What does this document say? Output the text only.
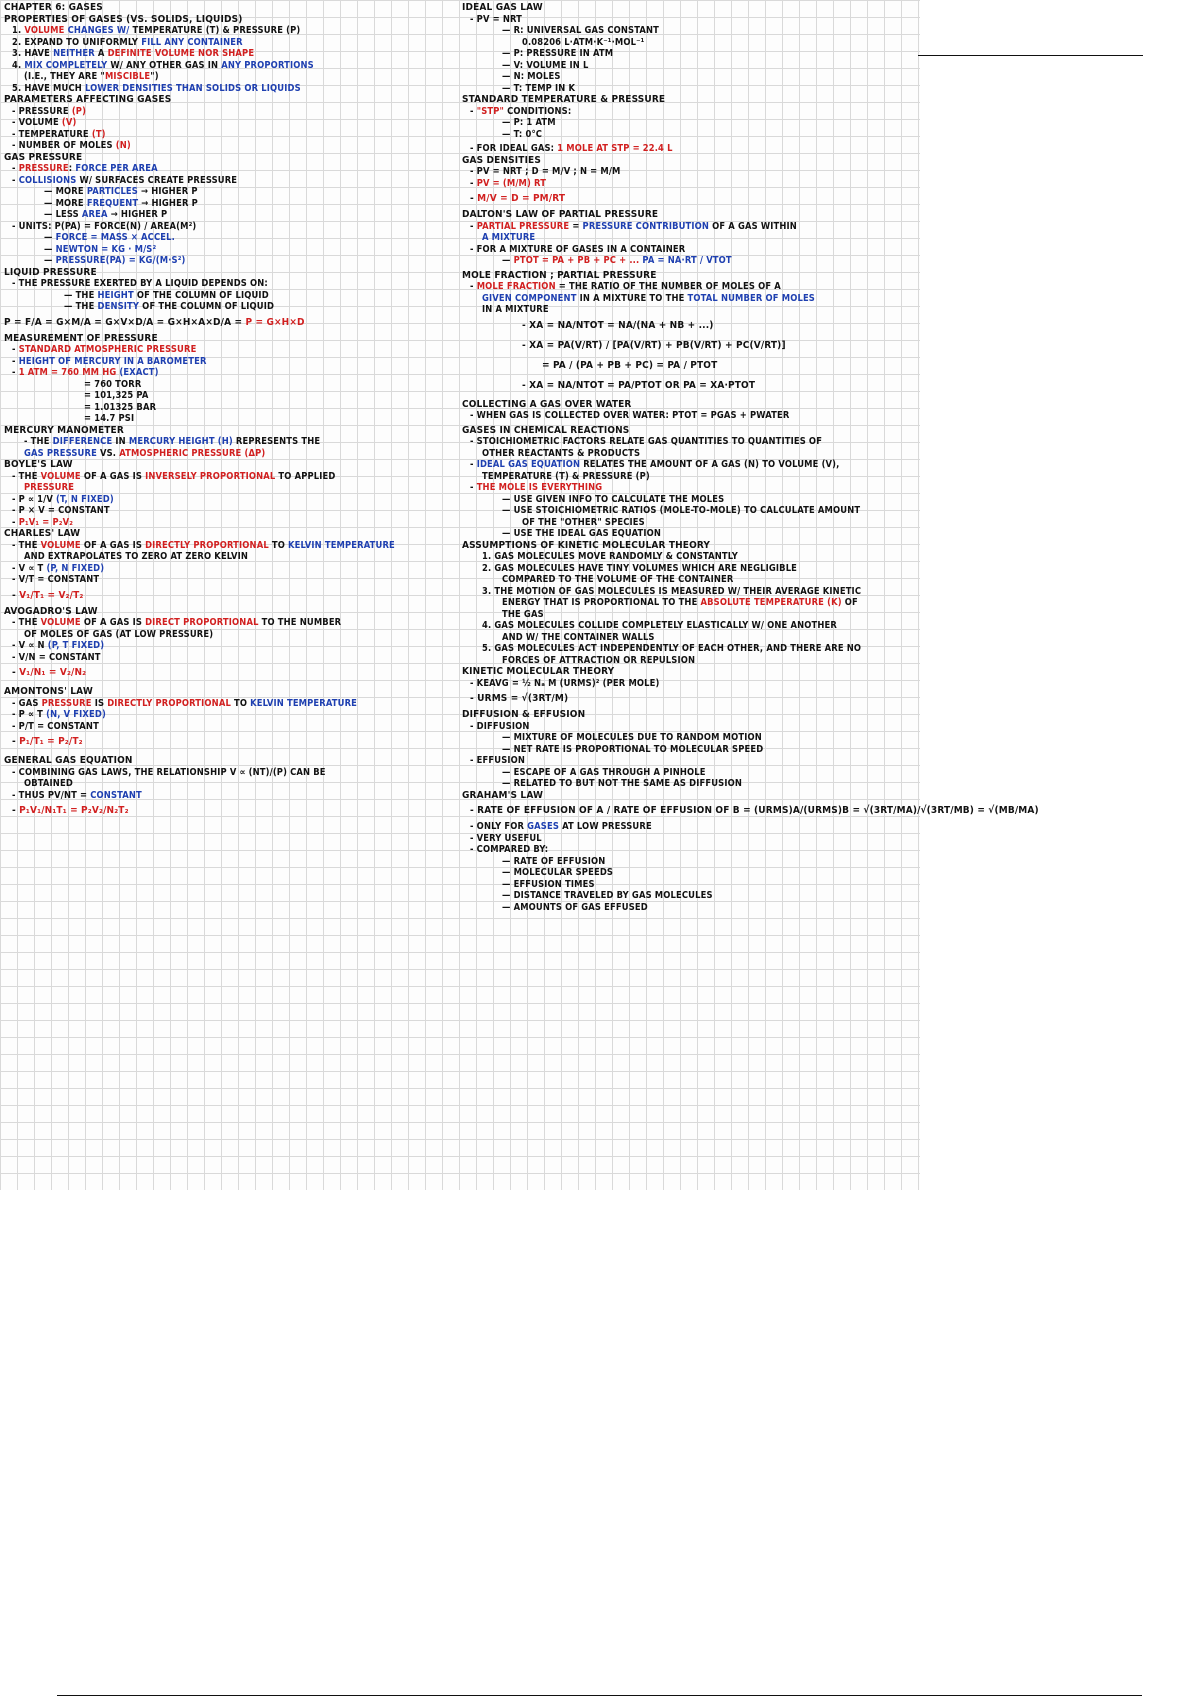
CHAPTER 6: GASES
PROPERTIES OF GASES (VS. SOLIDS, LIQUIDS)
1. VOLUME CHANGES W/ TEMPERATURE (T) & PRESSURE (P)
2. EXPAND TO UNIFORMLY FILL ANY CONTAINER
3. HAVE NEITHER A DEFINITE VOLUME NOR SHAPE
4. MIX COMPLETELY W/ ANY OTHER GAS IN ANY PROPORTIONS
(I.E., THEY ARE "MISCIBLE")
5. HAVE MUCH LOWER DENSITIES THAN SOLIDS OR LIQUIDS
PARAMETERS AFFECTING GASES
- PRESSURE (P)
- VOLUME (V)
- TEMPERATURE (T)
- NUMBER OF MOLES (N)
GAS PRESSURE
- PRESSURE: FORCE PER AREA
- COLLISIONS W/ SURFACES CREATE PRESSURE
— MORE PARTICLES → HIGHER P
— MORE FREQUENT → HIGHER P
— LESS AREA → HIGHER P
- UNITS: P(PA) = FORCE(N) / AREA(M²)
— FORCE = MASS × ACCEL.
— NEWTON = KG · M/S²
— PRESSURE(PA) = KG/(M·S²)
LIQUID PRESSURE
- THE PRESSURE EXERTED BY A LIQUID DEPENDS ON:
— THE HEIGHT OF THE COLUMN OF LIQUID
— THE DENSITY OF THE COLUMN OF LIQUID
P = F/A = G×M/A = G×V×D/A = G×H×A×D/A = P = G×H×D
MEASUREMENT OF PRESSURE
- STANDARD ATMOSPHERIC PRESSURE
- HEIGHT OF MERCURY IN A BAROMETER
- 1 ATM = 760 MM HG (EXACT)
= 760 TORR
= 101,325 PA
= 1.01325 BAR
= 14.7 PSI
MERCURY MANOMETER
- THE DIFFERENCE IN MERCURY HEIGHT (H) REPRESENTS THE
GAS PRESSURE VS. ATMOSPHERIC PRESSURE (ΔP)
BOYLE'S LAW
- THE VOLUME OF A GAS IS INVERSELY PROPORTIONAL TO APPLIED
PRESSURE
- P ∝ 1/V (T, N FIXED)
- P × V = CONSTANT
- P₁V₁ = P₂V₂
CHARLES' LAW
- THE VOLUME OF A GAS IS DIRECTLY PROPORTIONAL TO KELVIN TEMPERATURE
AND EXTRAPOLATES TO ZERO AT ZERO KELVIN
- V ∝ T (P, N FIXED)
- V/T = CONSTANT
- V₁/T₁ = V₂/T₂
AVOGADRO'S LAW
- THE VOLUME OF A GAS IS DIRECT PROPORTIONAL TO THE NUMBER
OF MOLES OF GAS (AT LOW PRESSURE)
- V ∝ N (P, T FIXED)
- V/N = CONSTANT
- V₁/N₁ = V₂/N₂
AMONTONS' LAW
- GAS PRESSURE IS DIRECTLY PROPORTIONAL TO KELVIN TEMPERATURE
- P ∝ T (N, V FIXED)
- P/T = CONSTANT
- P₁/T₁ = P₂/T₂
GENERAL GAS EQUATION
- COMBINING GAS LAWS, THE RELATIONSHIP V ∝ (NT)/(P) CAN BE
OBTAINED
- THUS PV/NT = CONSTANT
- P₁V₁/N₁T₁ = P₂V₂/N₂T₂
IDEAL GAS LAW
- PV = NRT
— R: UNIVERSAL GAS CONSTANT
0.08206 L·ATM·K⁻¹·MOL⁻¹
— P: PRESSURE IN ATM
— V: VOLUME IN L
— N: MOLES
— T: TEMP IN K
STANDARD TEMPERATURE & PRESSURE
- "STP" CONDITIONS:
— P: 1 ATM
— T: 0°C
- FOR IDEAL GAS: 1 MOLE AT STP = 22.4 L
GAS DENSITIES
- PV = NRT ; D = M/V ; N = M/M
- PV = (M/M) RT
- M/V = D = PM/RT
DALTON'S LAW OF PARTIAL PRESSURE
- PARTIAL PRESSURE = PRESSURE CONTRIBUTION OF A GAS WITHIN
A MIXTURE
- FOR A MIXTURE OF GASES IN A CONTAINER
— PTOT = PA + PB + PC + ... PA = NA·RT / VTOT
MOLE FRACTION ; PARTIAL PRESSURE
- MOLE FRACTION = THE RATIO OF THE NUMBER OF MOLES OF A
GIVEN COMPONENT IN A MIXTURE TO THE TOTAL NUMBER OF MOLES
IN A MIXTURE
- XA = NA/NTOT = NA/(NA + NB + ...)
- XA = PA(V/RT) / [PA(V/RT) + PB(V/RT) + PC(V/RT)]
= PA / (PA + PB + PC) = PA / PTOT
- XA = NA/NTOT = PA/PTOT OR PA = XA·PTOT
COLLECTING A GAS OVER WATER
- WHEN GAS IS COLLECTED OVER WATER: PTOT = PGAS + PWATER
GASES IN CHEMICAL REACTIONS
- STOICHIOMETRIC FACTORS RELATE GAS QUANTITIES TO QUANTITIES OF
OTHER REACTANTS & PRODUCTS
- IDEAL GAS EQUATION RELATES THE AMOUNT OF A GAS (N) TO VOLUME (V),
TEMPERATURE (T) & PRESSURE (P)
- THE MOLE IS EVERYTHING
— USE GIVEN INFO TO CALCULATE THE MOLES
— USE STOICHIOMETRIC RATIOS (MOLE-TO-MOLE) TO CALCULATE AMOUNT
OF THE "OTHER" SPECIES
— USE THE IDEAL GAS EQUATION
ASSUMPTIONS OF KINETIC MOLECULAR THEORY
1. GAS MOLECULES MOVE RANDOMLY & CONSTANTLY
2. GAS MOLECULES HAVE TINY VOLUMES WHICH ARE NEGLIGIBLE
COMPARED TO THE VOLUME OF THE CONTAINER
3. THE MOTION OF GAS MOLECULES IS MEASURED W/ THEIR AVERAGE KINETIC
ENERGY THAT IS PROPORTIONAL TO THE ABSOLUTE TEMPERATURE (K) OF
THE GAS
4. GAS MOLECULES COLLIDE COMPLETELY ELASTICALLY W/ ONE ANOTHER
AND W/ THE CONTAINER WALLS
5. GAS MOLECULES ACT INDEPENDENTLY OF EACH OTHER, AND THERE ARE NO
FORCES OF ATTRACTION OR REPULSION
KINETIC MOLECULAR THEORY
- KEAVG = ½ Nₐ M (URMS)² (PER MOLE)
- URMS = √(3RT/M)
DIFFUSION & EFFUSION
- DIFFUSION
— MIXTURE OF MOLECULES DUE TO RANDOM MOTION
— NET RATE IS PROPORTIONAL TO MOLECULAR SPEED
- EFFUSION
— ESCAPE OF A GAS THROUGH A PINHOLE
— RELATED TO BUT NOT THE SAME AS DIFFUSION
GRAHAM'S LAW
- RATE OF EFFUSION OF A / RATE OF EFFUSION OF B = (URMS)A/(URMS)B = √(3RT/MA)/√(3RT/MB) = √(MB/MA)
- ONLY FOR GASES AT LOW PRESSURE
- VERY USEFUL
- COMPARED BY:
— RATE OF EFFUSION
— MOLECULAR SPEEDS
— EFFUSION TIMES
— DISTANCE TRAVELED BY GAS MOLECULES
— AMOUNTS OF GAS EFFUSED
